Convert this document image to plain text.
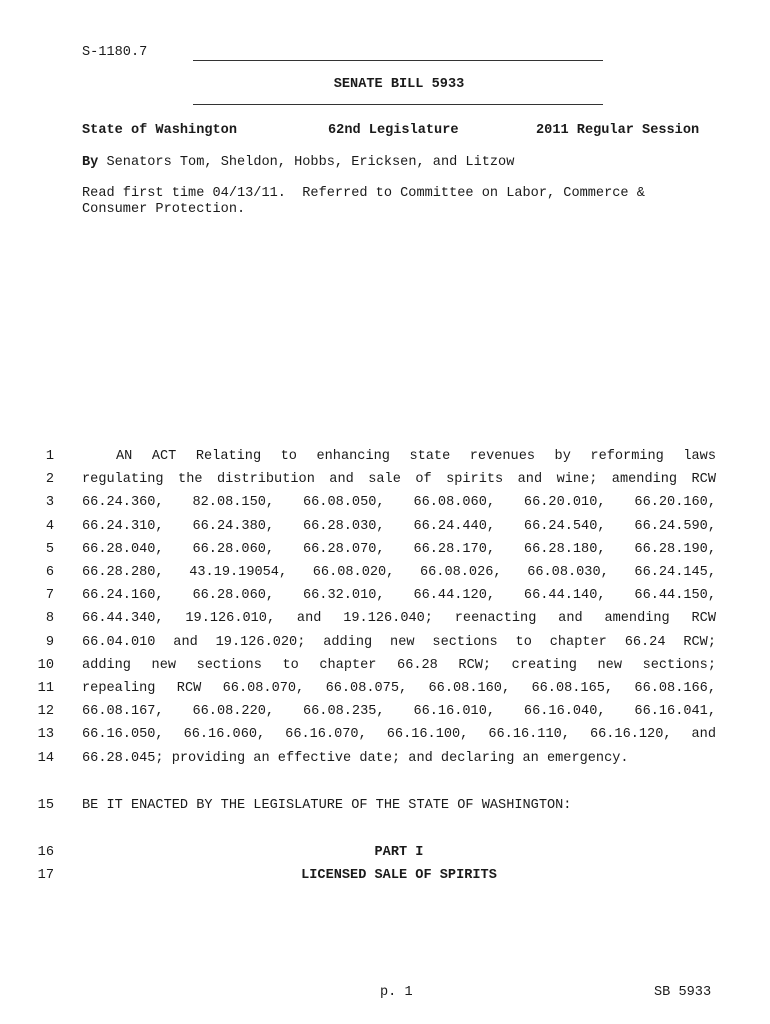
S-1180.7
SENATE BILL 5933
State of Washington	62nd Legislature	2011 Regular Session
By Senators Tom, Sheldon, Hobbs, Ericksen, and Litzow
Read first time 04/13/11.  Referred to Committee on Labor, Commerce &
Consumer Protection.
1	AN ACT Relating to enhancing state revenues by reforming laws
2 regulating the distribution and sale of spirits and wine; amending RCW
3 66.24.360, 82.08.150, 66.08.050, 66.08.060, 66.20.010, 66.20.160,
4 66.24.310, 66.24.380, 66.28.030, 66.24.440, 66.24.540, 66.24.590,
5 66.28.040, 66.28.060, 66.28.070, 66.28.170, 66.28.180, 66.28.190,
6 66.28.280, 43.19.19054, 66.08.020, 66.08.026, 66.08.030, 66.24.145,
7 66.24.160, 66.28.060, 66.32.010, 66.44.120, 66.44.140, 66.44.150,
8 66.44.340, 19.126.010, and 19.126.040; reenacting and amending RCW
9 66.04.010 and 19.126.020; adding new sections to chapter 66.24 RCW;
10 adding new sections to chapter 66.28 RCW; creating new sections;
11 repealing RCW 66.08.070, 66.08.075, 66.08.160, 66.08.165, 66.08.166,
12 66.08.167, 66.08.220, 66.08.235, 66.16.010, 66.16.040, 66.16.041,
13 66.16.050, 66.16.060, 66.16.070, 66.16.100, 66.16.110, 66.16.120, and
14 66.28.045; providing an effective date; and declaring an emergency.
15 BE IT ENACTED BY THE LEGISLATURE OF THE STATE OF WASHINGTON:
16	PART I
17	LICENSED SALE OF SPIRITS
p. 1	SB 5933
